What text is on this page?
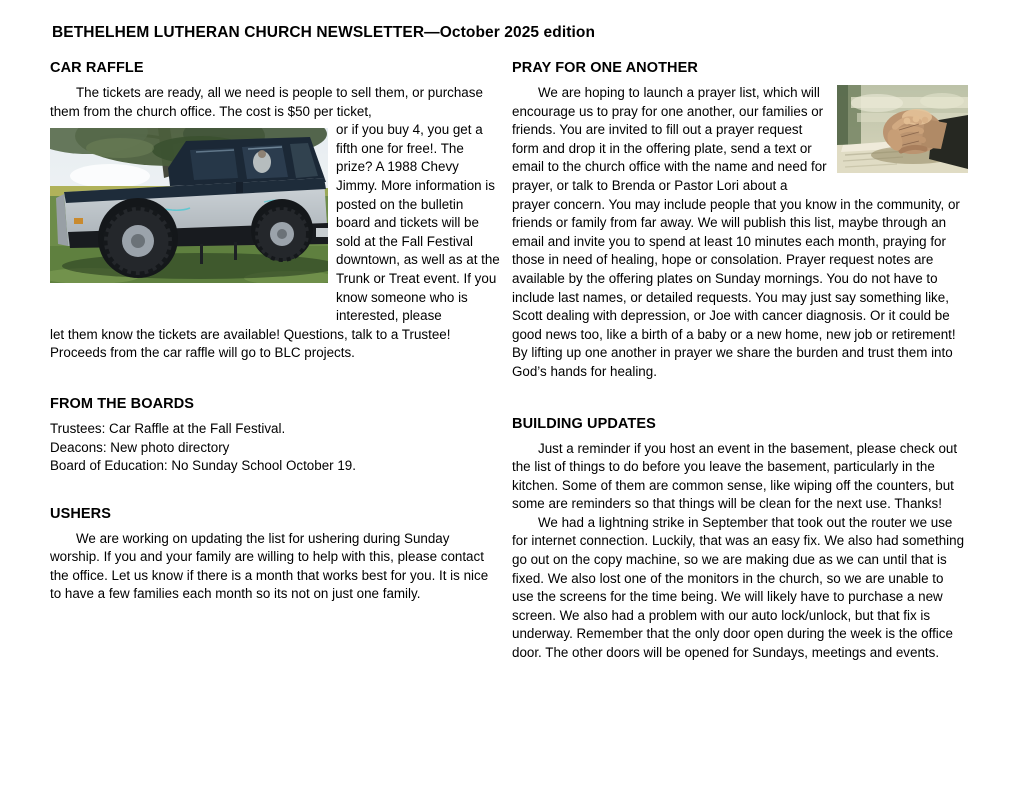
BETHELHEM LUTHERAN CHURCH NEWSLETTER—October 2025 edition
CAR RAFFLE

The tickets are ready, all we need is people to sell them, or purchase them from the church office. The cost is $50 per ticket,

or if you buy 4, you get a fifth one for free!. The prize? A 1988 Chevy Jimmy. More information is posted on the bulletin board and tickets will be sold at the Fall Festival downtown, as well as at the Trunk or Treat event. If you know someone who is interested, please

let them know the tickets are available! Questions, talk to a Trustee! Proceeds from the car raffle will go to BLC projects.

FROM THE BOARDS

Trustees: Car Raffle at the Fall Festival.

Deacons: New photo directory

Board of Education: No Sunday School October 19.

USHERS

We are working on updating the list for ushering during Sunday worship. If you and your family are willing to help with this, please contact the office. Let us know if there is a month that works best for you. It is nice to have a few families each month so its not on just one family.

PRAY FOR ONE ANOTHER

We are hoping to launch a prayer list, which will encourage us to pray for one another, our families or friends. You are invited to fill out a prayer request form and drop it in the offering plate, send a text or email to the church office with the name and need for prayer, or talk to Brenda or Pastor Lori about a prayer concern. You may include people that you know in the community, or friends or family from far away. We will publish this list, maybe through an email and invite you to spend at least 10 minutes each month, praying for those in need of healing, hope or consolation. Prayer request notes are available by the offering plates on Sunday mornings. You do not have to include last names, or detailed requests. You may just say something like, Scott dealing with depression, or Joe with cancer diagnosis. Or it could be good news too, like a birth of a baby or a new home, new job or retirement! By lifting up one another in prayer we share the burden and trust them into God’s hands for healing.

BUILDING UPDATES

Just a reminder if you host an event in the basement, please check out the list of things to do before you leave the basement, particularly in the kitchen. Some of them are common sense, like wiping off the counters, but some are reminders so that things will be clean for the next use. Thanks!

We had a lightning strike in September that took out the router we use for internet connection. Luckily, that was an easy fix. We also had something go out on the copy machine, so we are making due as we can until that is fixed. We also lost one of the monitors in the church, so we are unable to use the screens for the time being. We will likely have to purchase a new screen. We also had a problem with our auto lock/unlock, but that fix is underway. Remember that the only door open during the week is the office door. The other doors will be opened for Sundays, meetings and events.
